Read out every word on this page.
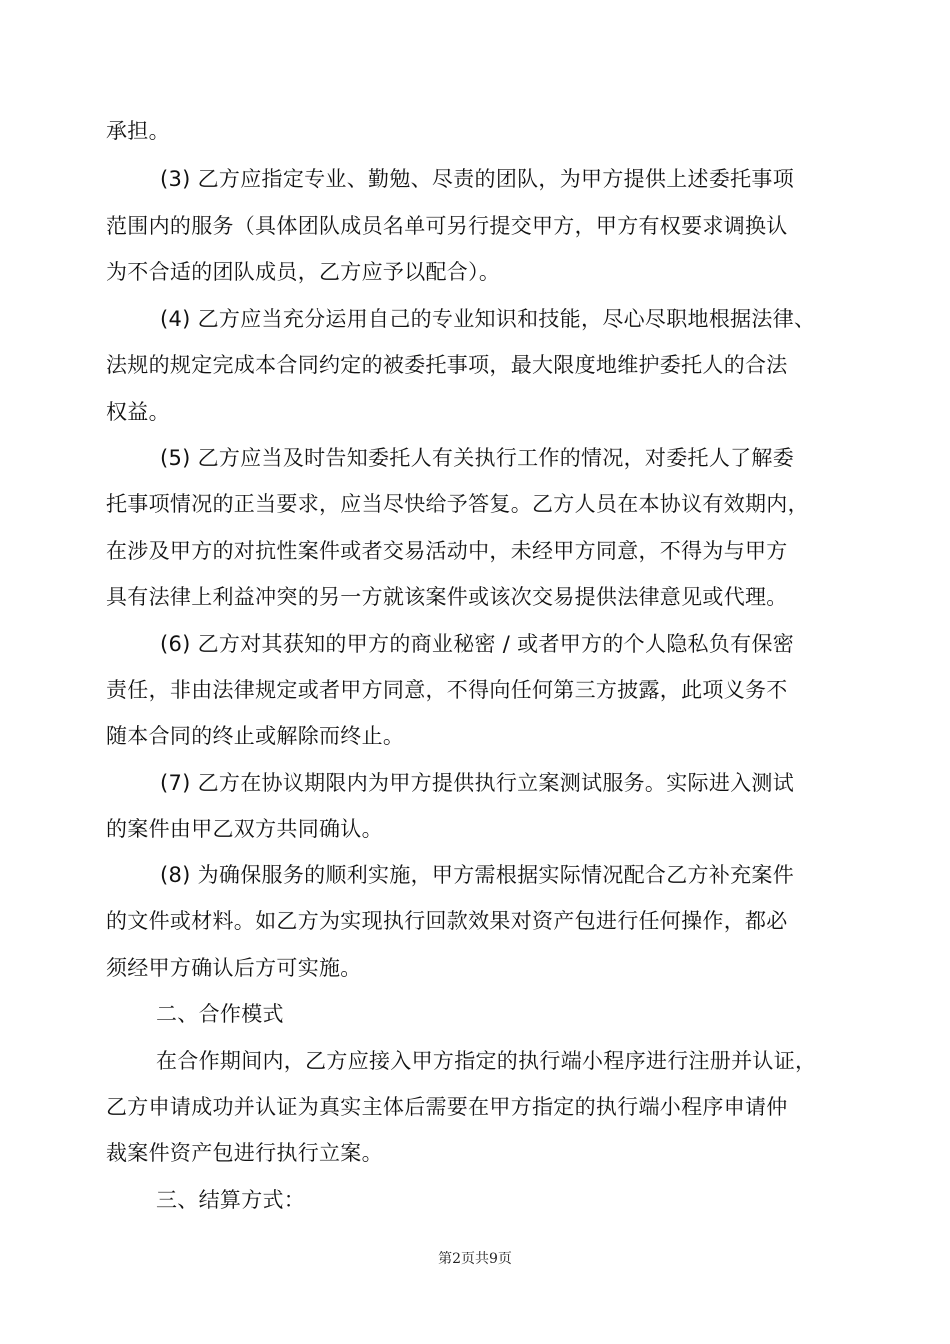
承担。
(3) 乙方应指定专业、勤勉、尽责的团队，为甲方提供上述委托事项
范围内的服务（具体团队成员名单可另行提交甲方，甲方有权要求调换认
为不合适的团队成员，乙方应予以配合）。
(4) 乙方应当充分运用自己的专业知识和技能，尽心尽职地根据法律、
法规的规定完成本合同约定的被委托事项，最大限度地维护委托人的合法
权益。
(5) 乙方应当及时告知委托人有关执行工作的情况，对委托人了解委
托事项情况的正当要求，应当尽快给予答复。乙方人员在本协议有效期内，
在涉及甲方的对抗性案件或者交易活动中，未经甲方同意，不得为与甲方
具有法律上利益冲突的另一方就该案件或该次交易提供法律意见或代理。
(6) 乙方对其获知的甲方的商业秘密 / 或者甲方的个人隐私负有保密
责任，非由法律规定或者甲方同意，不得向任何第三方披露，此项义务不
随本合同的终止或解除而终止。
(7) 乙方在协议期限内为甲方提供执行立案测试服务。实际进入测试
的案件由甲乙双方共同确认。
(8) 为确保服务的顺利实施，甲方需根据实际情况配合乙方补充案件
的文件或材料。如乙方为实现执行回款效果对资产包进行任何操作，都必
须经甲方确认后方可实施。
二、合作模式
在合作期间内，乙方应接入甲方指定的执行端小程序进行注册并认证，
乙方申请成功并认证为真实主体后需要在甲方指定的执行端小程序申请仲
裁案件资产包进行执行立案。
三、结算方式：
第2页共9页
